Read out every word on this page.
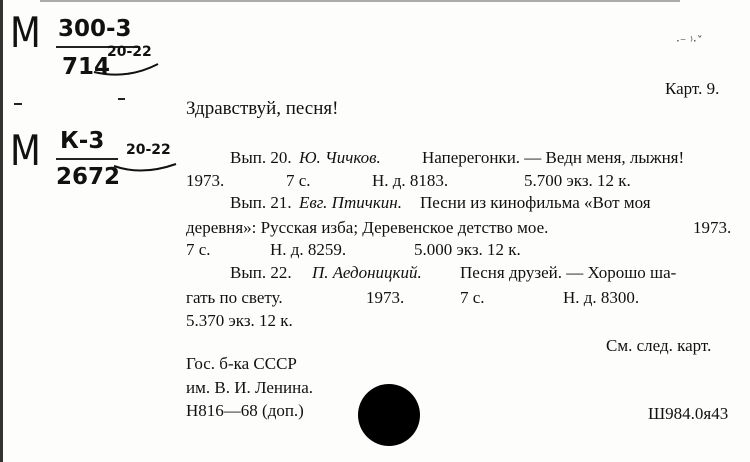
М 300-3
714
20-22
М К-3
2672
20-22
·⁻ ⁾·ˇ
Карт. 9.
Здравствуй, песня!
Вып. 20. Ю. Чичков. Наперегонки. — Ведн меня, лыжня!
1973.	7 с.	Н. д. 8183.	5.700 экз. 12 к.
Вып. 21. Евг. Птичкин. Песни из кинофильма «Вот моя
деревня»: Русская изба; Деревенское детство мое.	1973.
7 с.	Н. д. 8259.	5.000 экз. 12 к.
Вып. 22. П. Аедоницкий. Песня друзей. — Хорошо ша-
гать по свету.	1973.	7 с.	Н. д. 8300.
5.370 экз. 12 к.
См. след. карт.
Гос. б-ка СССР
им. В. И. Ленина.
Н816—68 (доп.)	Ш984.0я43
